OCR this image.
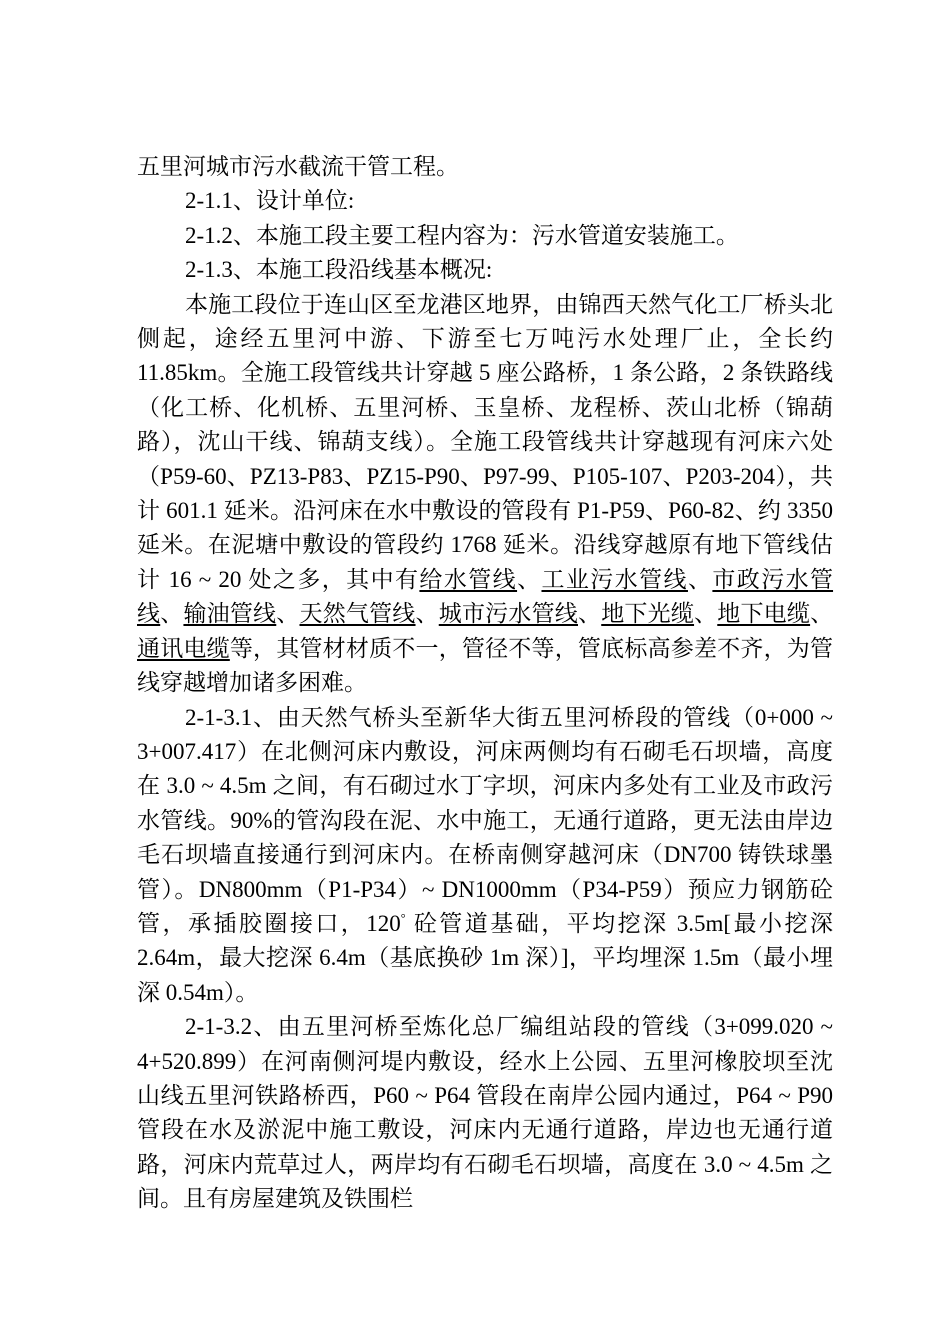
五里河城市污水截流干管工程。

2-1.1、设计单位:

2-1.2、本施工段主要工程内容为：污水管道安装施工。

2-1.3、本施工段沿线基本概况:

本施工段位于连山区至龙港区地界，由锦西天然气化工厂桥头北侧起，途经五里河中游、下游至七万吨污水处理厂止，全长约 11.85km。全施工段管线共计穿越 5 座公路桥，1 条公路，2 条铁路线（化工桥、化机桥、五里河桥、玉皇桥、龙程桥、茨山北桥（锦葫路），沈山干线、锦葫支线）。全施工段管线共计穿越现有河床六处（P59-60、PZ13-P83、PZ15-P90、P97-99、P105-107、P203-204），共计 601.1 延米。沿河床在水中敷设的管段有 P1-P59、P60-82、约 3350 延米。在泥塘中敷设的管段约 1768 延米。沿线穿越原有地下管线估计 16 ~ 20 处之多，其中有给水管线、工业污水管线、市政污水管线、输油管线、天然气管线、城市污水管线、地下光缆、地下电缆、通讯电缆等，其管材材质不一，管径不等，管底标高参差不齐，为管线穿越增加诸多困难。

2-1-3.1、由天然气桥头至新华大街五里河桥段的管线（0+000 ~ 3+007.417）在北侧河床内敷设，河床两侧均有石砌毛石坝墙，高度在 3.0 ~ 4.5m 之间，有石砌过水丁字坝，河床内多处有工业及市政污水管线。90%的管沟段在泥、水中施工，无通行道路，更无法由岸边毛石坝墙直接通行到河床内。在桥南侧穿越河床（DN700 铸铁球墨管）。DN800mm（P1-P34）~ DN1000mm（P34-P59）预应力钢筋砼管，承插胶圈接口，120° 砼管道基础，平均挖深 3.5m[最小挖深 2.64m，最大挖深 6.4m（基底换砂 1m 深）]，平均埋深 1.5m（最小埋深 0.54m）。

2-1-3.2、由五里河桥至炼化总厂编组站段的管线（3+099.020 ~ 4+520.899）在河南侧河堤内敷设，经水上公园、五里河橡胶坝至沈山线五里河铁路桥西，P60 ~ P64 管段在南岸公园内通过，P64 ~ P90 管段在水及淤泥中施工敷设，河床内无通行道路，岸边也无通行道路，河床内荒草过人，两岸均有石砌毛石坝墙，高度在 3.0 ~ 4.5m 之间。且有房屋建筑及铁围栏
